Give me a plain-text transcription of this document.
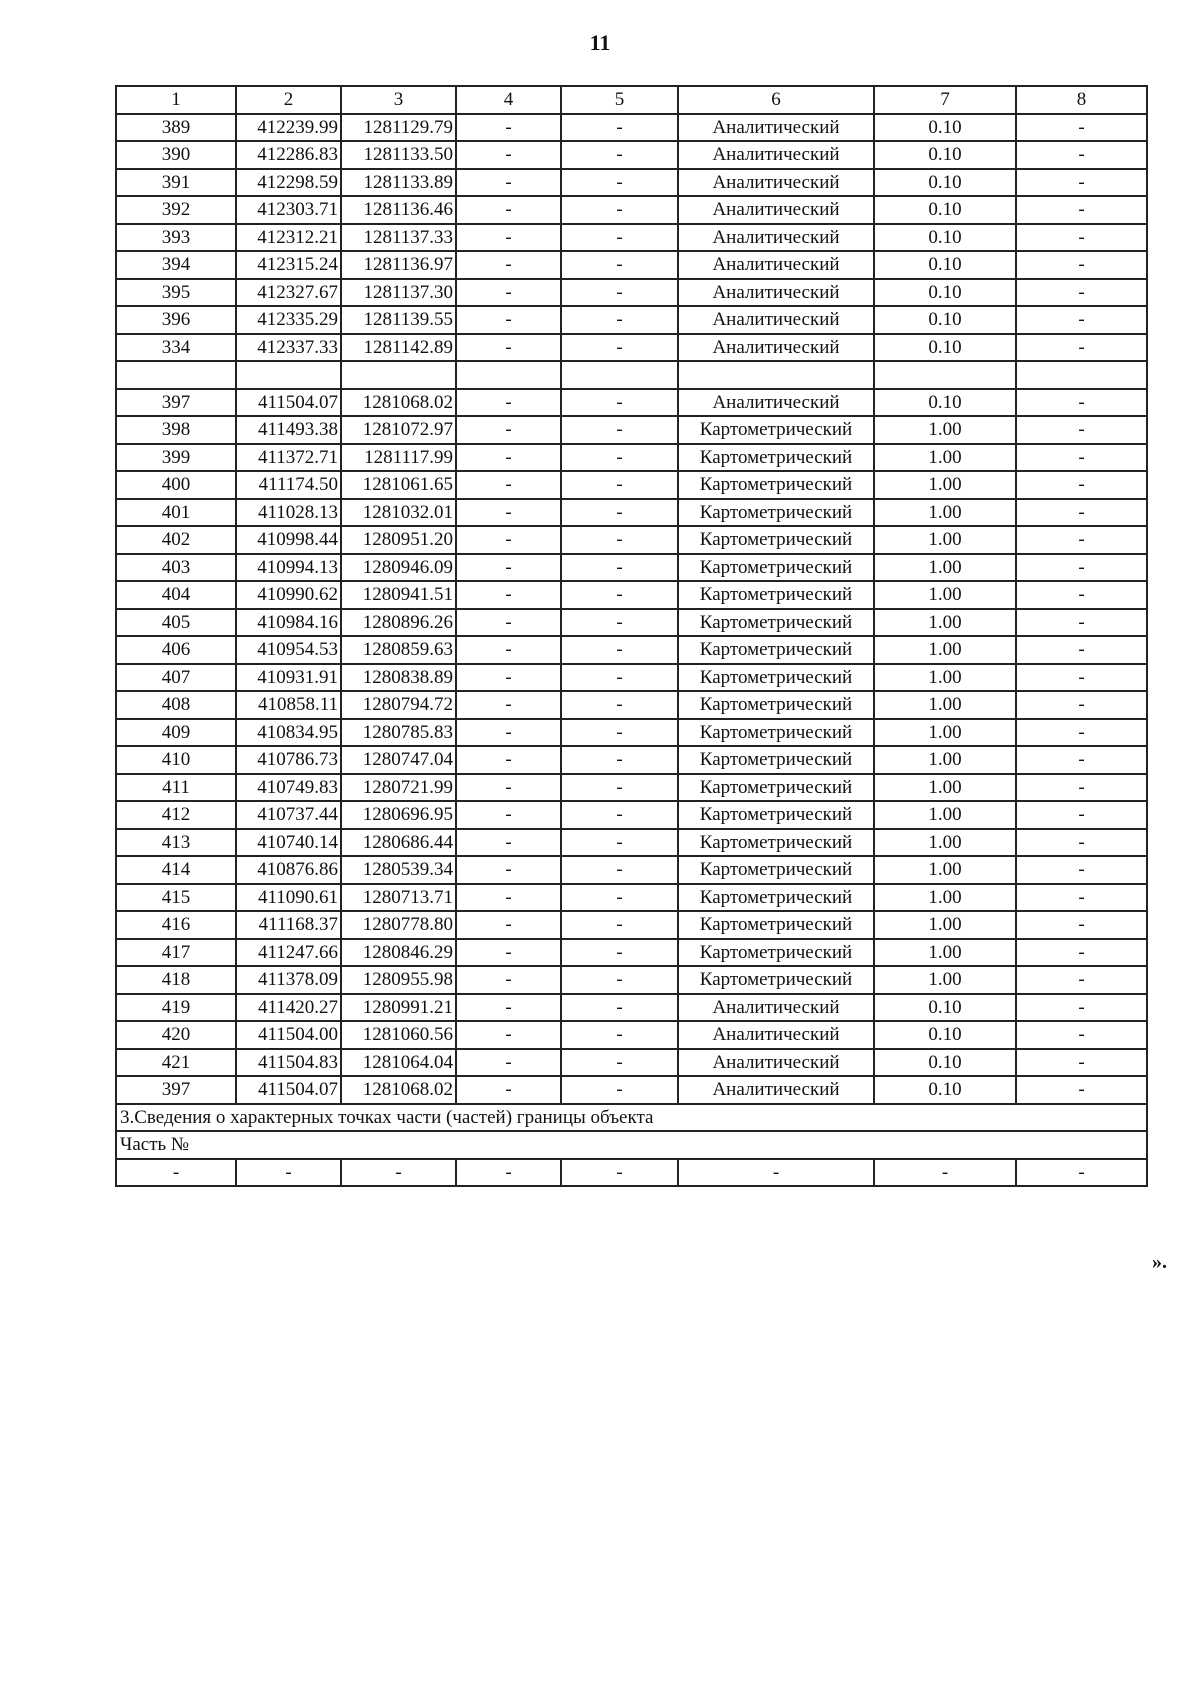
11
1	2	3	4	5	6	7	8
389	412239.99	1281129.79	-	-	Аналитический	0.10	-
390	412286.83	1281133.50	-	-	Аналитический	0.10	-
391	412298.59	1281133.89	-	-	Аналитический	0.10	-
392	412303.71	1281136.46	-	-	Аналитический	0.10	-
393	412312.21	1281137.33	-	-	Аналитический	0.10	-
394	412315.24	1281136.97	-	-	Аналитический	0.10	-
395	412327.67	1281137.30	-	-	Аналитический	0.10	-
396	412335.29	1281139.55	-	-	Аналитический	0.10	-
334	412337.33	1281142.89	-	-	Аналитический	0.10	-

397	411504.07	1281068.02	-	-	Аналитический	0.10	-
398	411493.38	1281072.97	-	-	Картометрический	1.00	-
399	411372.71	1281117.99	-	-	Картометрический	1.00	-
400	411174.50	1281061.65	-	-	Картометрический	1.00	-
401	411028.13	1281032.01	-	-	Картометрический	1.00	-
402	410998.44	1280951.20	-	-	Картометрический	1.00	-
403	410994.13	1280946.09	-	-	Картометрический	1.00	-
404	410990.62	1280941.51	-	-	Картометрический	1.00	-
405	410984.16	1280896.26	-	-	Картометрический	1.00	-
406	410954.53	1280859.63	-	-	Картометрический	1.00	-
407	410931.91	1280838.89	-	-	Картометрический	1.00	-
408	410858.11	1280794.72	-	-	Картометрический	1.00	-
409	410834.95	1280785.83	-	-	Картометрический	1.00	-
410	410786.73	1280747.04	-	-	Картометрический	1.00	-
411	410749.83	1280721.99	-	-	Картометрический	1.00	-
412	410737.44	1280696.95	-	-	Картометрический	1.00	-
413	410740.14	1280686.44	-	-	Картометрический	1.00	-
414	410876.86	1280539.34	-	-	Картометрический	1.00	-
415	411090.61	1280713.71	-	-	Картометрический	1.00	-
416	411168.37	1280778.80	-	-	Картометрический	1.00	-
417	411247.66	1280846.29	-	-	Картометрический	1.00	-
418	411378.09	1280955.98	-	-	Картометрический	1.00	-
419	411420.27	1280991.21	-	-	Аналитический	0.10	-
420	411504.00	1281060.56	-	-	Аналитический	0.10	-
421	411504.83	1281064.04	-	-	Аналитический	0.10	-
397	411504.07	1281068.02	-	-	Аналитический	0.10	-
3.Сведения о характерных точках части (частей) границы объекта							
Часть №							
-	-	-	-	-	-	-	-
».
